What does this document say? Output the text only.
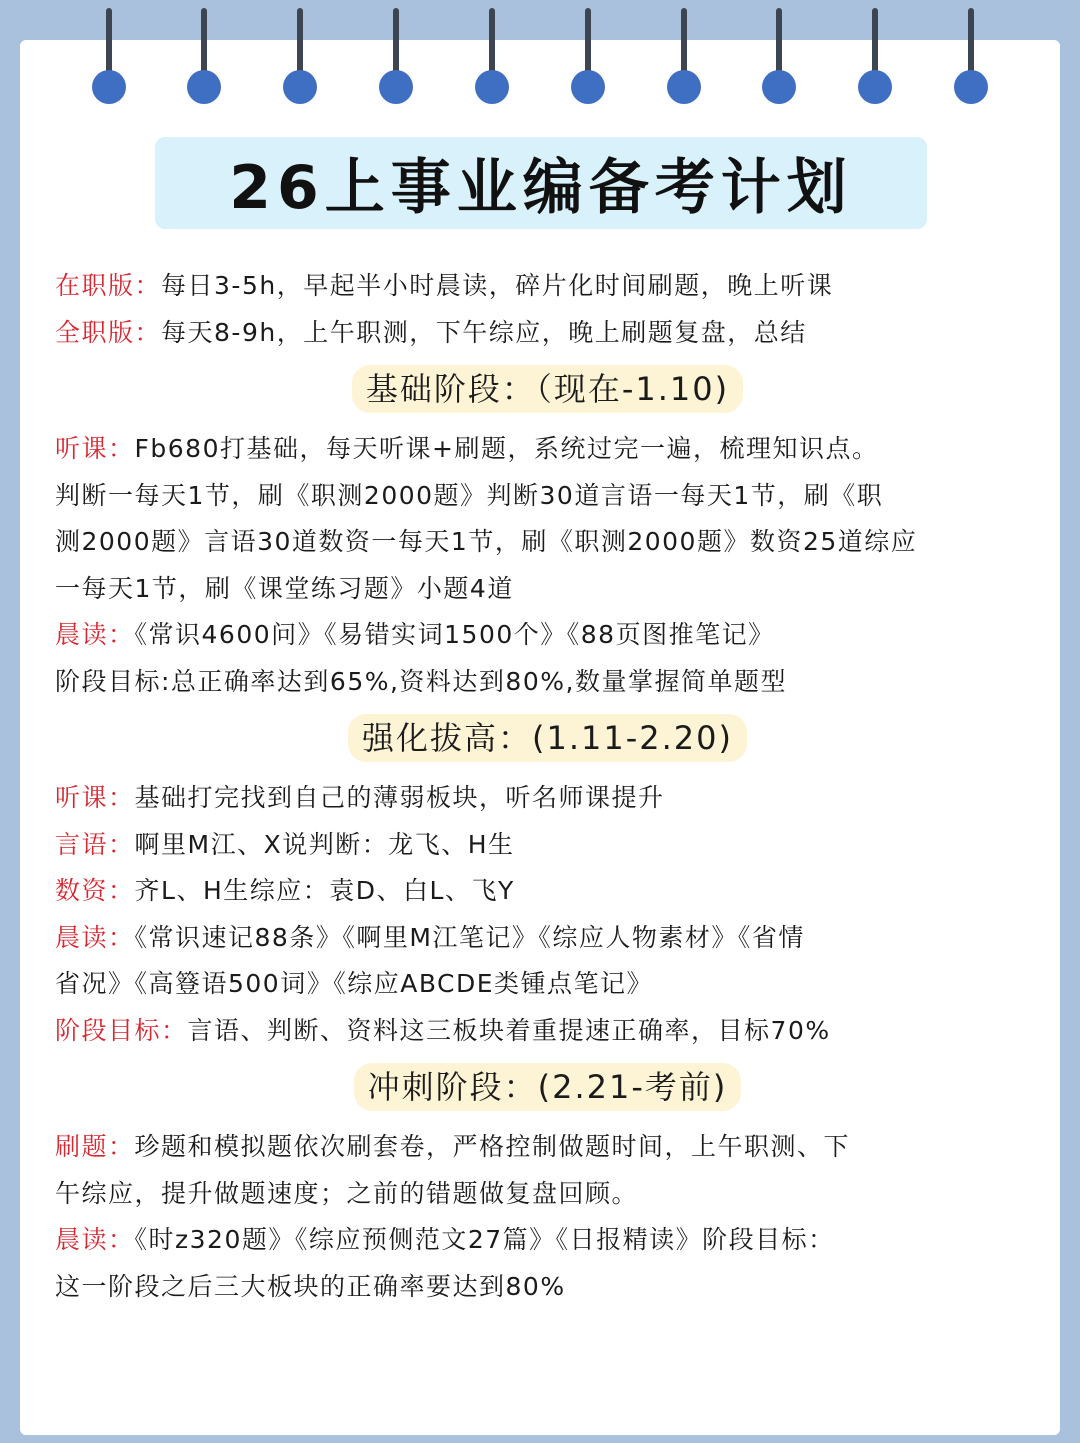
26上事业编备考计划
在职版：每日3-5h，早起半小时晨读，碎片化时间刷题，晚上听课
全职版：每天8-9h，上午职测，下午综应，晚上刷题复盘，总结
基础阶段：（现在-1.10)
听课：Fb680打基础，每天听课+刷题，系统过完一遍，梳理知识点。
判断一每天1节，刷《职测2000题》判断30道言语一每天1节，刷《职
测2000题》言语30道数资一每天1节，刷《职测2000题》数资25道综应
一每天1节，刷《课堂练习题》小题4道
晨读：《常识4600问》《易错实词1500个》《88页图推笔记》
阶段目标:总正确率达到65%,资料达到80%,数量掌握简单题型
强化拔高：(1.11-2.20)
听课：基础打完找到自己的薄弱板块，听名师课提升
言语：啊里M江、X说判断：龙飞、H生
数资：齐L、H生综应：袁D、白L、飞Y
晨读：《常识速记88条》《啊里M江笔记》《综应人物素材》《省情
省况》《高簦语500词》《综应ABCDE类锺点笔记》
阶段目标：言语、判断、资料这三板块着重提速正确率，目标70%
冲刺阶段：(2.21-考前)
刷题：珍题和模拟题依次刷套卷，严格控制做题时间，上午职测、下
午综应，提升做题速度；之前的错题做复盘回顾。
晨读：《时z320题》《综应预侧范文27篇》《日报精读》阶段目标：
这一阶段之后三大板块的正确率要达到80%
